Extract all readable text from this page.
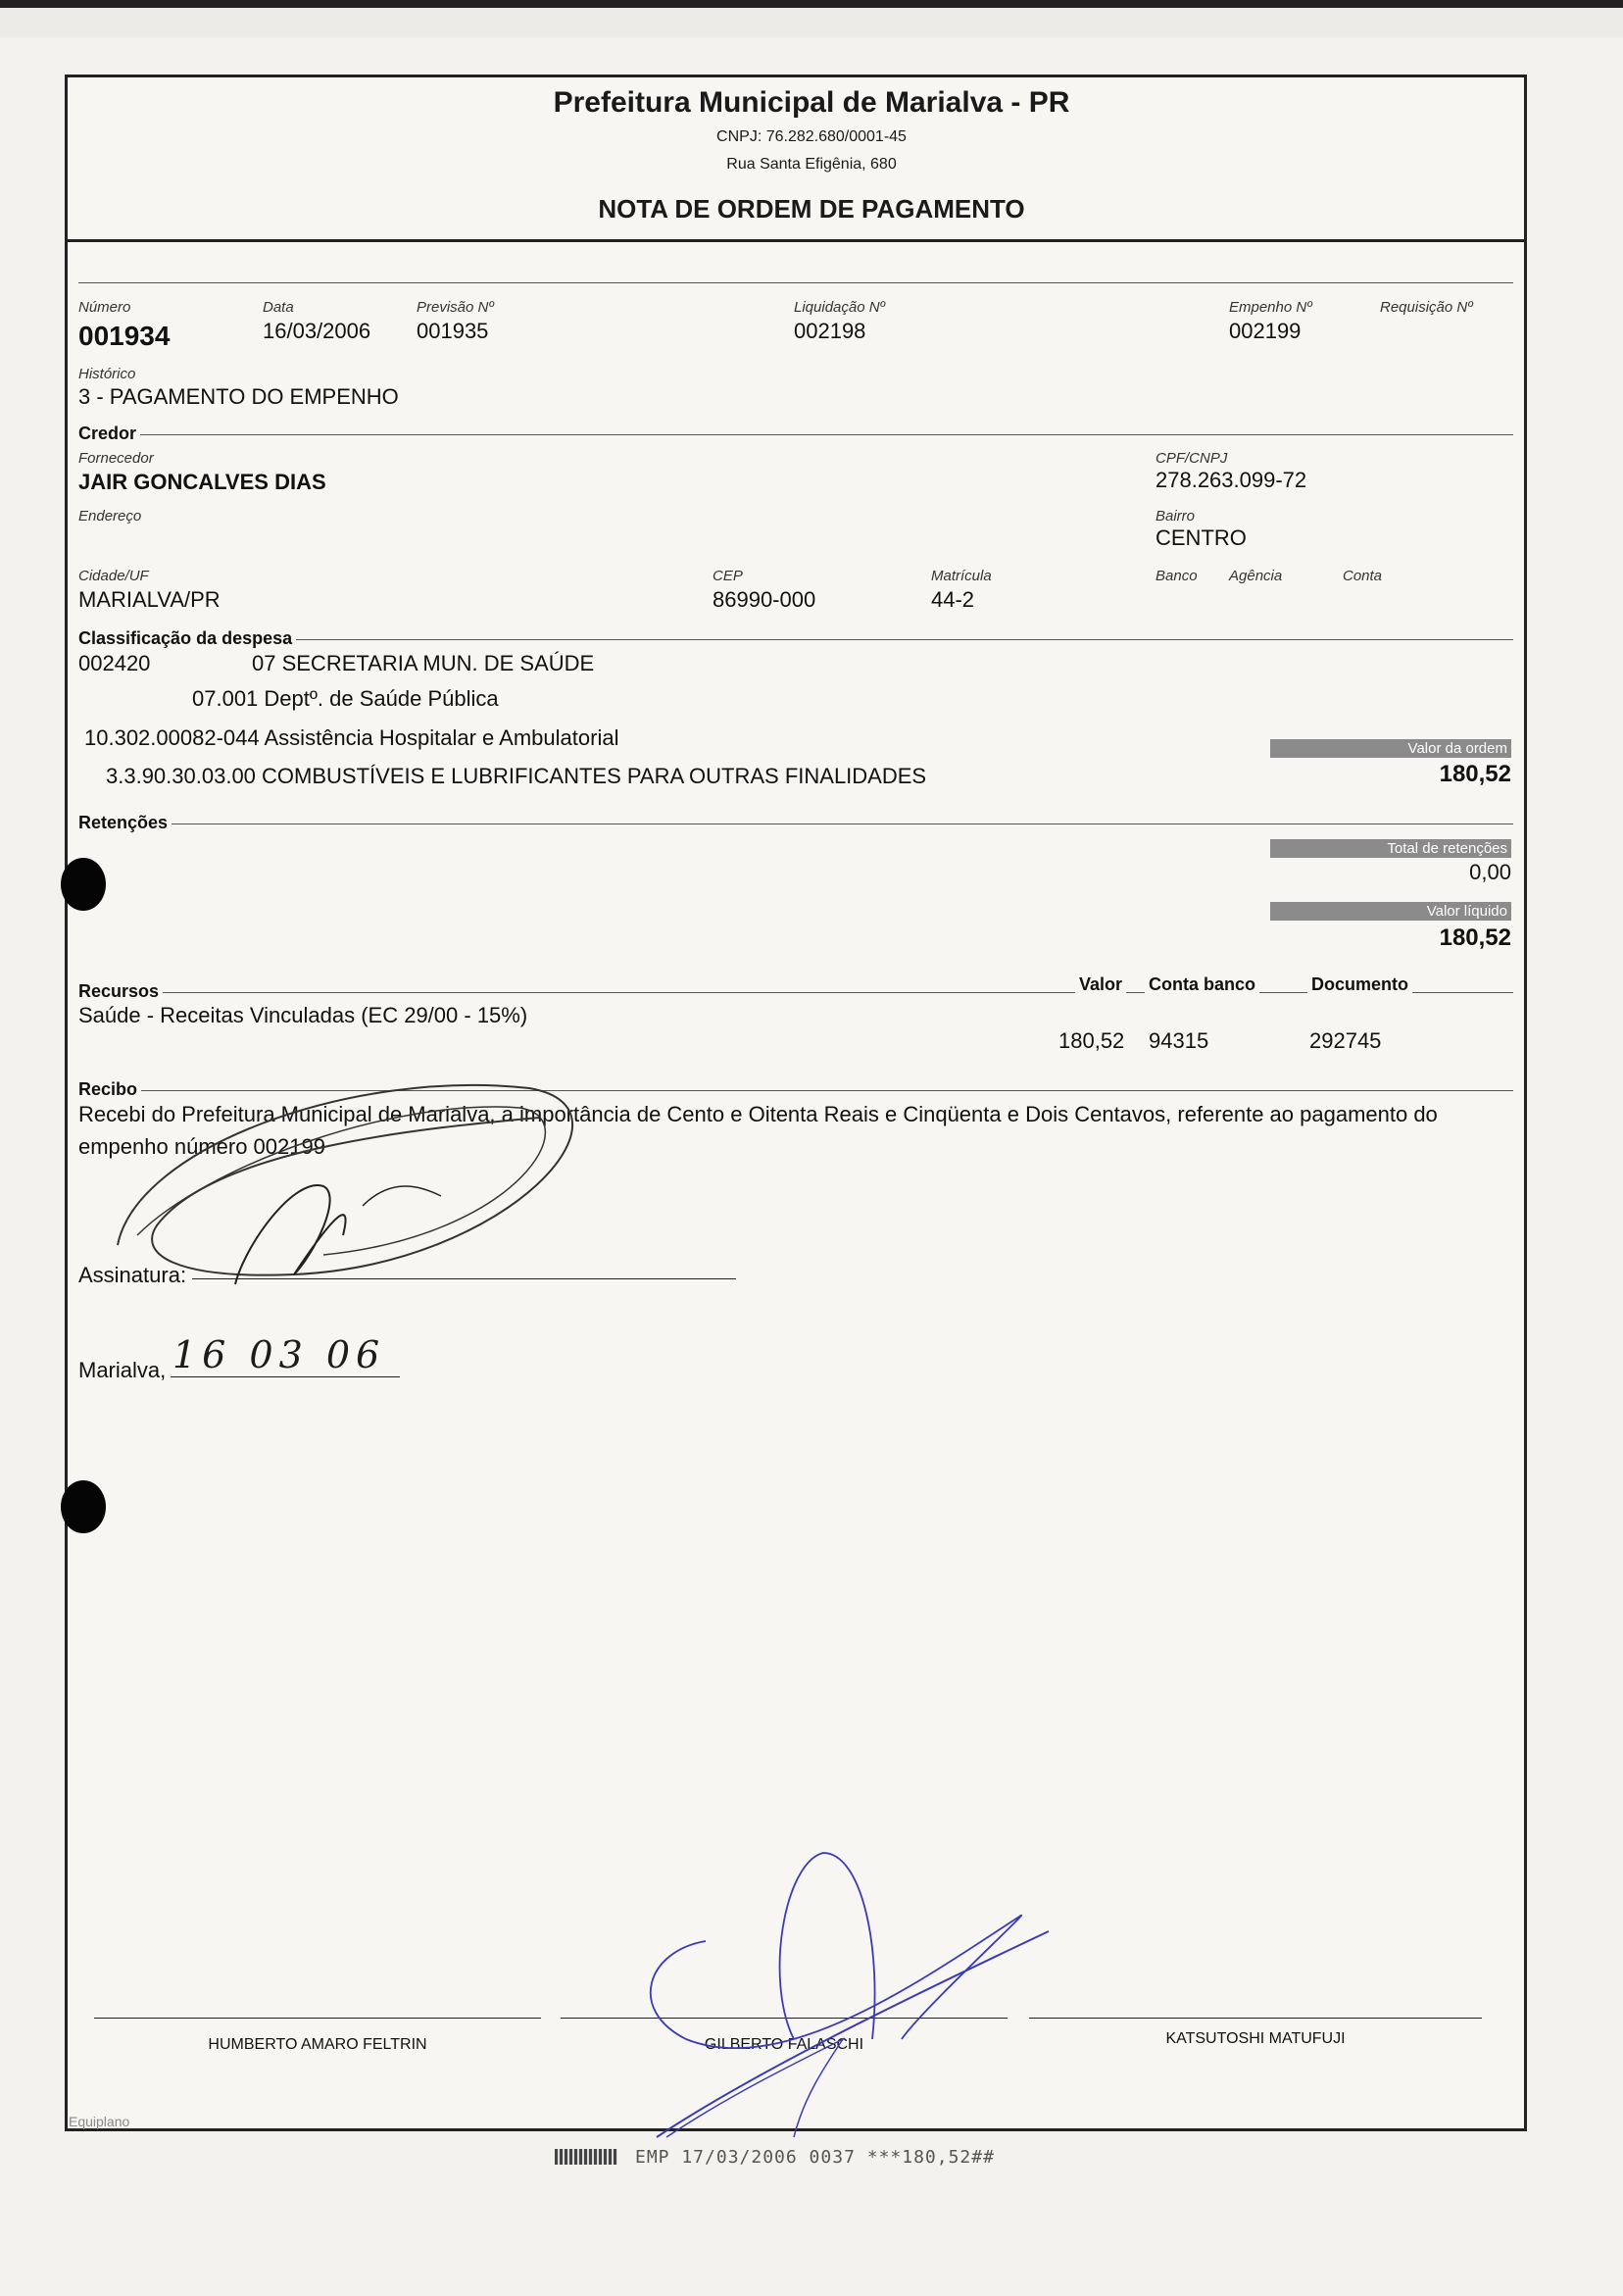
Prefeitura Municipal de Marialva - PR
CNPJ: 76.282.680/0001-45
Rua Santa Efigênia, 680
NOTA DE ORDEM DE PAGAMENTO
Número
001934
Data
16/03/2006
Previsão Nº
001935
Liquidação Nº
002198
Empenho Nº
002199
Requisição Nº
Histórico
3 - PAGAMENTO DO EMPENHO
Credor
Fornecedor
JAIR GONCALVES DIAS
CPF/CNPJ
278.263.099-72
Endereço	Bairro
CENTRO
Cidade/UF
MARIALVA/PR
CEP
86990-000
Matrícula
44-2
Banco Agência	Conta
Classificação da despesa
002420	07 SECRETARIA MUN. DE SAÚDE
07.001 Deptº. de Saúde Pública
10.302.00082-044 Assistência Hospitalar e Ambulatorial
3.3.90.30.03.00 COMBUSTÍVEIS E LUBRIFICANTES PARA OUTRAS FINALIDADES
Valor da ordem
180,52
Retenções
Total de retenções
0,00
Valor líquido
180,52
Recursos	Valor Conta banco	Documento
Saúde - Receitas Vinculadas (EC 29/00 - 15%)
180,52 94315	292745
Recibo
Recebi do Prefeitura Municipal de Marialva, a importância de Cento e Oitenta Reais e Cinqüenta e Dois Centavos, referente ao pagamento do
empenho número 002199
Assinatura:
Marialva, 16 03 06
HUMBERTO AMARO FELTRIN	GILBERTO FALASCHI	KATSUTOSHI MATUFUJI
Equiplano
EMP 17/03/2006 0037 ***180,52##
